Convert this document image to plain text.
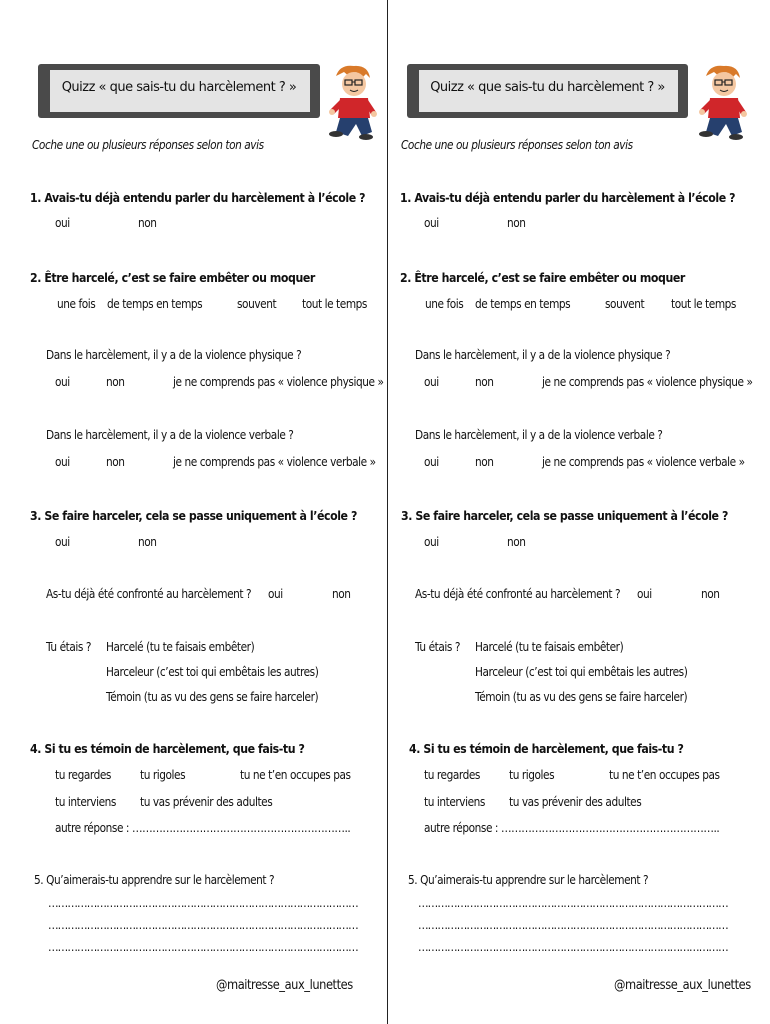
Quizz « que sais-tu du harcèlement ? »
Coche une ou plusieurs réponses selon ton avis
1. Avais-tu déjà entendu parler du harcèlement à l’école ?
oui	non
2. Être harcelé, c’est se faire embêter ou moquer
une fois de temps en temps	souvent tout le temps
Dans le harcèlement, il y a de la violence physique ?
oui	non	je ne comprends pas « violence physique »
Dans le harcèlement, il y a de la violence verbale ?
oui	non	je ne comprends pas « violence verbale »
3. Se faire harceler, cela se passe uniquement à l’école ?
oui	non
As-tu déjà été confronté au harcèlement ? oui	non
Tu étais ? Harcelé (tu te faisais embêter)
Harceleur (c’est toi qui embêtais les autres)
Témoin (tu as vu des gens se faire harceler)
4. Si tu es témoin de harcèlement, que fais-tu ?
tu regardes tu rigoles	tu ne t’en occupes pas
tu interviens tu vas prévenir des adultes
autre réponse : ………………………………………………………..
5. Qu’aimerais-tu apprendre sur le harcèlement ?
……………………………………………………………………………………
……………………………………………………………………………………
……………………………………………………………………………………
@maitresse_aux_lunettes
Quizz « que sais-tu du harcèlement ? »
Coche une ou plusieurs réponses selon ton avis
1. Avais-tu déjà entendu parler du harcèlement à l’école ?
oui	non
2. Être harcelé, c’est se faire embêter ou moquer
une fois de temps en temps	souvent tout le temps
Dans le harcèlement, il y a de la violence physique ?
oui	non	je ne comprends pas « violence physique »
Dans le harcèlement, il y a de la violence verbale ?
oui	non	je ne comprends pas « violence verbale »
3. Se faire harceler, cela se passe uniquement à l’école ?
oui	non
As-tu déjà été confronté au harcèlement ? oui	non
Tu étais ? Harcelé (tu te faisais embêter)
Harceleur (c’est toi qui embêtais les autres)
Témoin (tu as vu des gens se faire harceler)
4. Si tu es témoin de harcèlement, que fais-tu ?
tu regardes tu rigoles	tu ne t’en occupes pas
tu interviens tu vas prévenir des adultes
autre réponse : ………………………………………………………..
5. Qu’aimerais-tu apprendre sur le harcèlement ?
……………………………………………………………………………………
……………………………………………………………………………………
……………………………………………………………………………………
@maitresse_aux_lunettes
